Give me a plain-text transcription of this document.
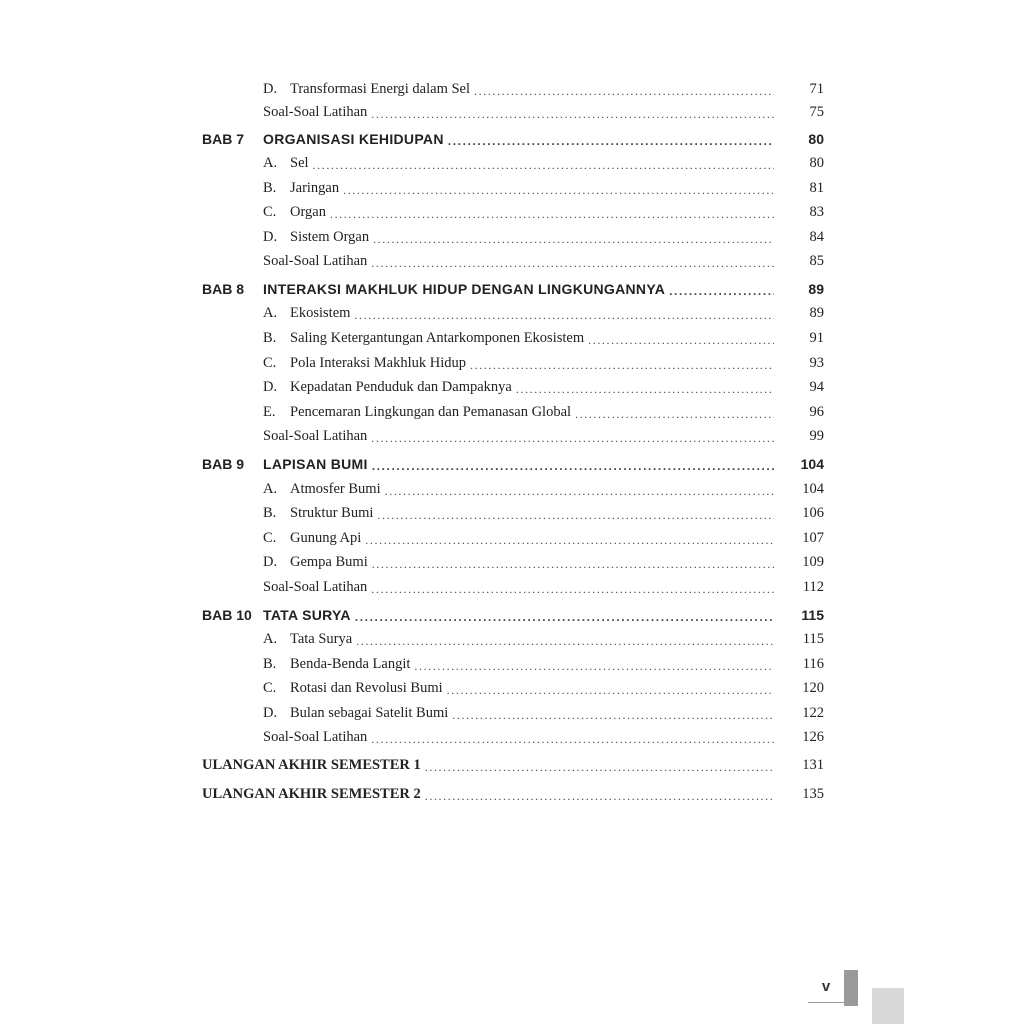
D. Transformasi Energi dalam Sel .....	71
Soal-Soal Latihan .....	75
BAB 7	ORGANISASI KEHIDUPAN .....	80
A. Sel .....	80
B. Jaringan .....	81
C. Organ .....	83
D. Sistem Organ .....	84
Soal-Soal Latihan .....	85
BAB 8	INTERAKSI MAKHLUK HIDUP DENGAN LINGKUNGANNYA .....	89
A. Ekosistem .....	89
B. Saling Ketergantungan Antarkomponen Ekosistem .....	91
C. Pola Interaksi Makhluk Hidup .....	93
D. Kepadatan Penduduk dan Dampaknya .....	94
E.	Pencemaran Lingkungan dan Pemanasan Global .....	96
Soal-Soal Latihan .....	99
BAB 9	LAPISAN BUMI .....	104
A. Atmosfer Bumi .....	104
B. Struktur Bumi .....	106
C. Gunung Api .....	107
D. Gempa Bumi .....	109
Soal-Soal Latihan .....	112
BAB 10 TATA SURYA .....	115
A. Tata Surya .....	115
B. Benda-Benda Langit .....	116
C. Rotasi dan Revolusi Bumi .....	120
D. Bulan sebagai Satelit Bumi .....	122
Soal-Soal Latihan .....	126
ULANGAN AKHIR SEMESTER 1 .....	131
ULANGAN AKHIR SEMESTER 2 .....	135
v
